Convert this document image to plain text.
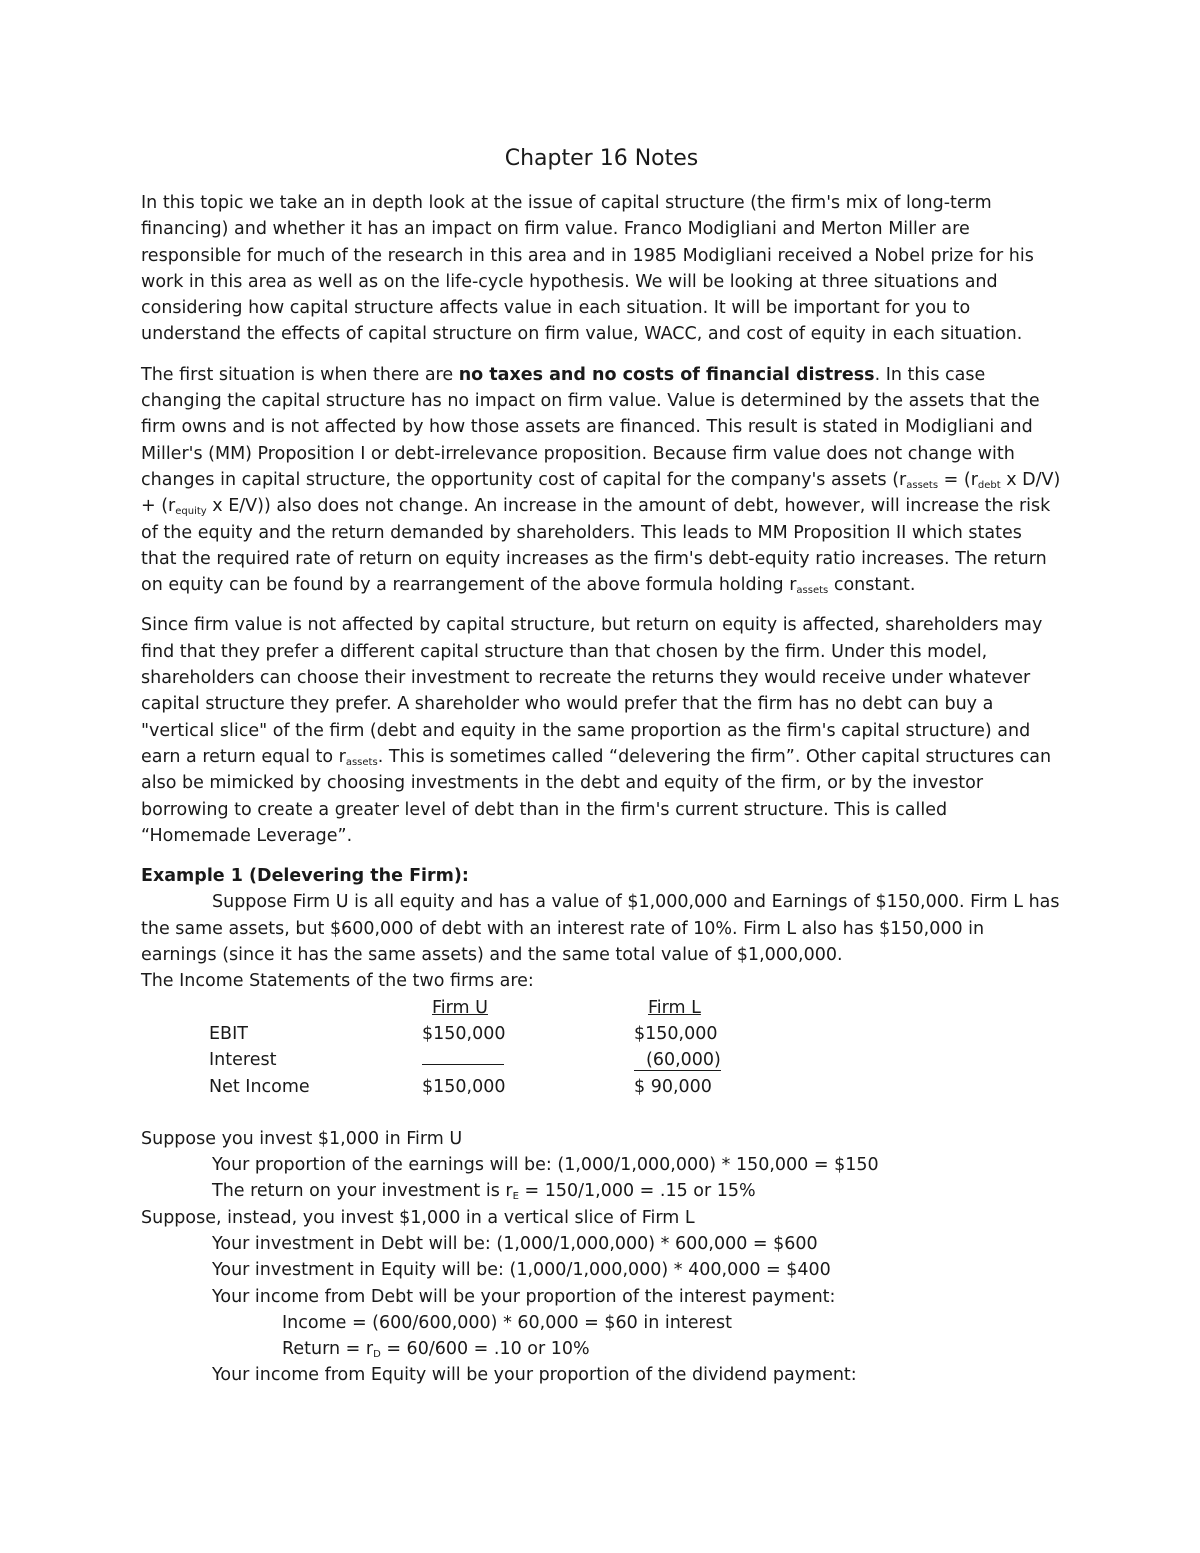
Chapter 16 Notes

In this topic we take an in depth look at the issue of capital structure (the firm's mix of long-term financing) and whether it has an impact on firm value. Franco Modigliani and Merton Miller are responsible for much of the research in this area and in 1985 Modigliani received a Nobel prize for his work in this area as well as on the life-cycle hypothesis. We will be looking at three situations and considering how capital structure affects value in each situation. It will be important for you to understand the effects of capital structure on firm value, WACC, and cost of equity in each situation.

The first situation is when there are no taxes and no costs of financial distress. In this case changing the capital structure has no impact on firm value. Value is determined by the assets that the firm owns and is not affected by how those assets are financed. This result is stated in Modigliani and Miller's (MM) Proposition I or debt-irrelevance proposition. Because firm value does not change with changes in capital structure, the opportunity cost of capital for the company's assets ($r_{assets} = (r_{debt}$ x $D/V) + (r_{equity}$ x E/V)) also does not change. An increase in the amount of debt, however, will increase the risk of the equity and the return demanded by shareholders. This leads to MM Proposition II which states that the required rate of return on equity increases as the firm's debt-equity ratio increases. The return on equity can be found by a rearrangement of the above formula holding $r_{assets}$ constant.

Since firm value is not affected by capital structure, but return on equity is affected, shareholders may find that they prefer a different capital structure than that chosen by the firm. Under this model, shareholders can choose their investment to recreate the returns they would receive under whatever capital structure they prefer. A shareholder who would prefer that the firm has no debt can buy a "vertical slice" of the firm (debt and equity in the same proportion as the firm's capital structure) and earn a return equal to $r_{assets}$. This is sometimes called “delevering the firm”. Other capital structures can also be mimicked by choosing investments in the debt and equity of the firm, or by the investor borrowing to create a greater level of debt than in the firm's current structure. This is called “Homemade Leverage”.

Example 1 (Delevering the Firm):

Suppose Firm U is all equity and has a value of $1,000,000 and Earnings of $150,000. Firm L has the same assets, but $600,000 of debt with an interest rate of 10%. Firm L also has $150,000 in earnings (since it has the same assets) and the same total value of $1,000,000.

The Income Statements of the two firms are:

	Firm U	Firm L
EBIT	$150,000	$150,000
Interest		(60,000)
Net Income	$150,000	$ 90,000

Suppose you invest $1,000 in Firm U

Your proportion of the earnings will be: (1,000/1,000,000) * 150,000 = $150

The return on your investment is $r_E = 150/1,000 = .15$ or 15%

Suppose, instead, you invest $1,000 in a vertical slice of Firm L

Your investment in Debt will be: (1,000/1,000,000) * 600,000 = $600

Your investment in Equity will be: (1,000/1,000,000) * 400,000 = $400

Your income from Debt will be your proportion of the interest payment:

Income = (600/600,000) * 60,000 = $60 in interest

Return = $r_D = 60/600 = .10$ or 10%

Your income from Equity will be your proportion of the dividend payment:
